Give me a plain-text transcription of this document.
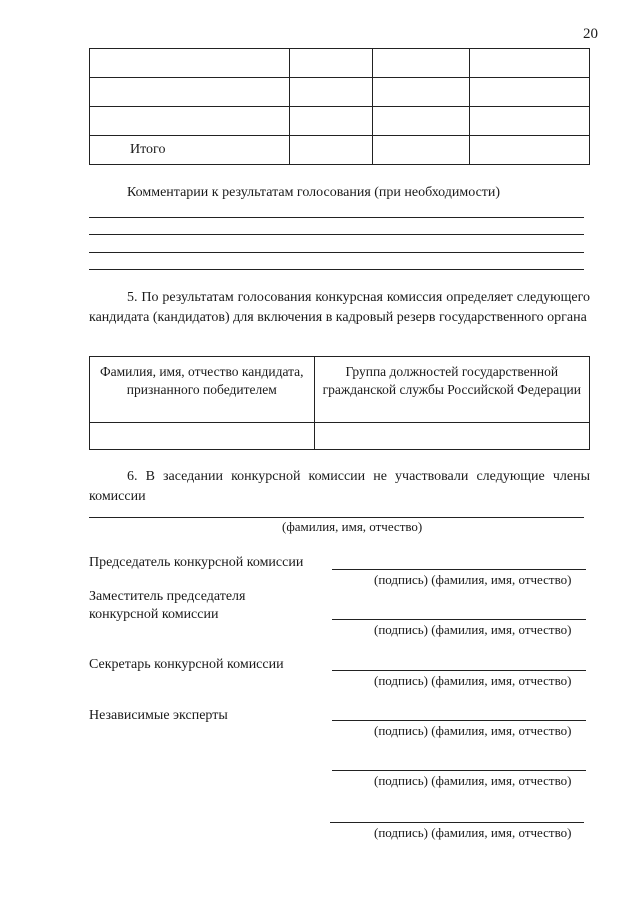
20

Итого			
Комментарии к результатам голосования (при необходимости)
5. По результатам голосования конкурсная комиссия определяет следующего кандидата (кандидатов) для включения в кадровый резерв государственного органа
Фамилия, имя, отчество кандидата, признанного победителем	Группа должностей государственной гражданской службы Российской Федерации

6. В заседании конкурсной комиссии не участвовали следующие члены комиссии
(фамилия, имя, отчество)
Председатель конкурсной комиссии
(подпись) (фамилия, имя, отчество)
Заместитель председателя
конкурсной комиссии
(подпись) (фамилия, имя, отчество)
Секретарь конкурсной комиссии
(подпись) (фамилия, имя, отчество)
Независимые эксперты
(подпись) (фамилия, имя, отчество)
(подпись) (фамилия, имя, отчество)
(подпись) (фамилия, имя, отчество)
